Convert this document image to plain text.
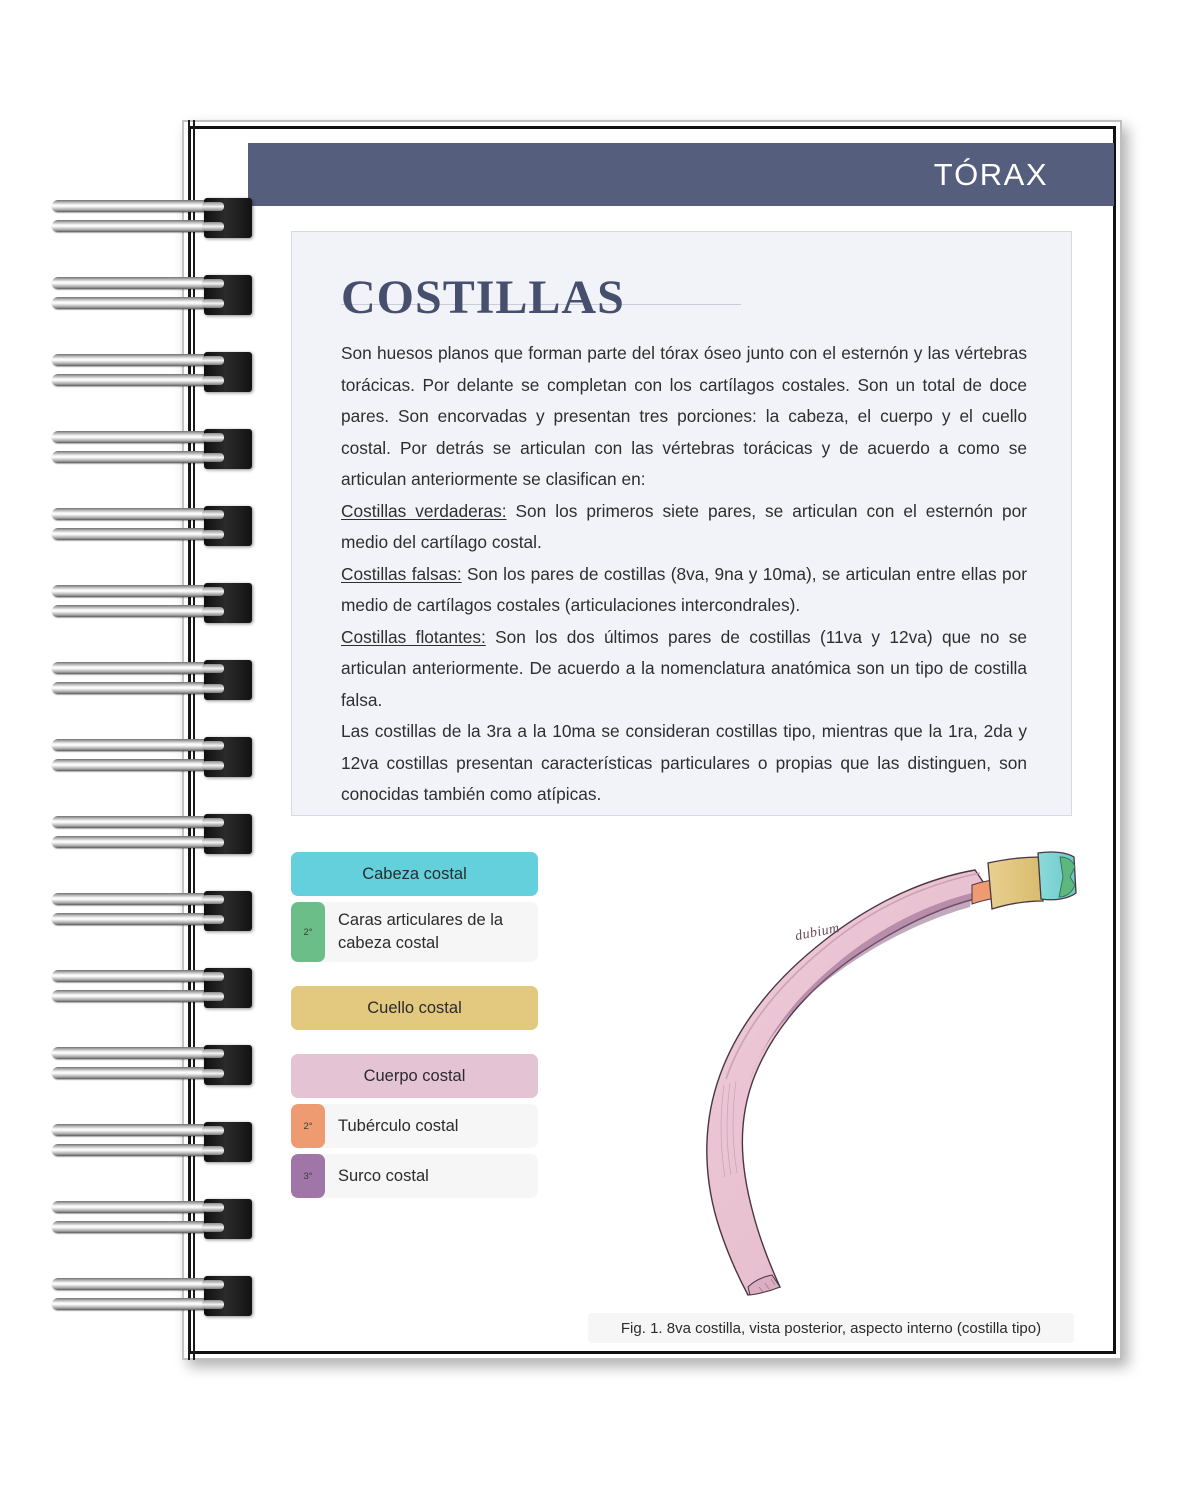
TÓRAX
COSTILLAS

Son huesos planos que forman parte del tórax óseo junto con el esternón y las vértebras torácicas. Por delante se completan con los cartílagos costales. Son un total de doce pares. Son encorvadas y presentan tres porciones: la cabeza, el cuerpo y el cuello costal. Por detrás se articulan con las vértebras torácicas y de acuerdo a como se articulan anteriormente se clasifican en:

Costillas verdaderas: Son los primeros siete pares, se articulan con el esternón por medio del cartílago costal.

Costillas falsas: Son los pares de costillas (8va, 9na y 10ma), se articulan entre ellas por medio de cartílagos costales (articulaciones intercondrales).

Costillas flotantes: Son los dos últimos pares de costillas (11va y 12va) que no se articulan anteriormente. De acuerdo a la nomenclatura anatómica son un tipo de costilla falsa.

Las costillas de la 3ra a la 10ma se consideran costillas tipo, mientras que la 1ra, 2da y 12va costillas presentan características particulares o propias que las distinguen, son conocidas también como atípicas.

Cabeza costal
2°
Caras articulares de la cabeza costal
Cuello costal
Cuerpo costal
2°	Tubérculo costal
3°	Surco costal
dubium
Fig. 1. 8va costilla, vista posterior, aspecto interno (costilla tipo)
